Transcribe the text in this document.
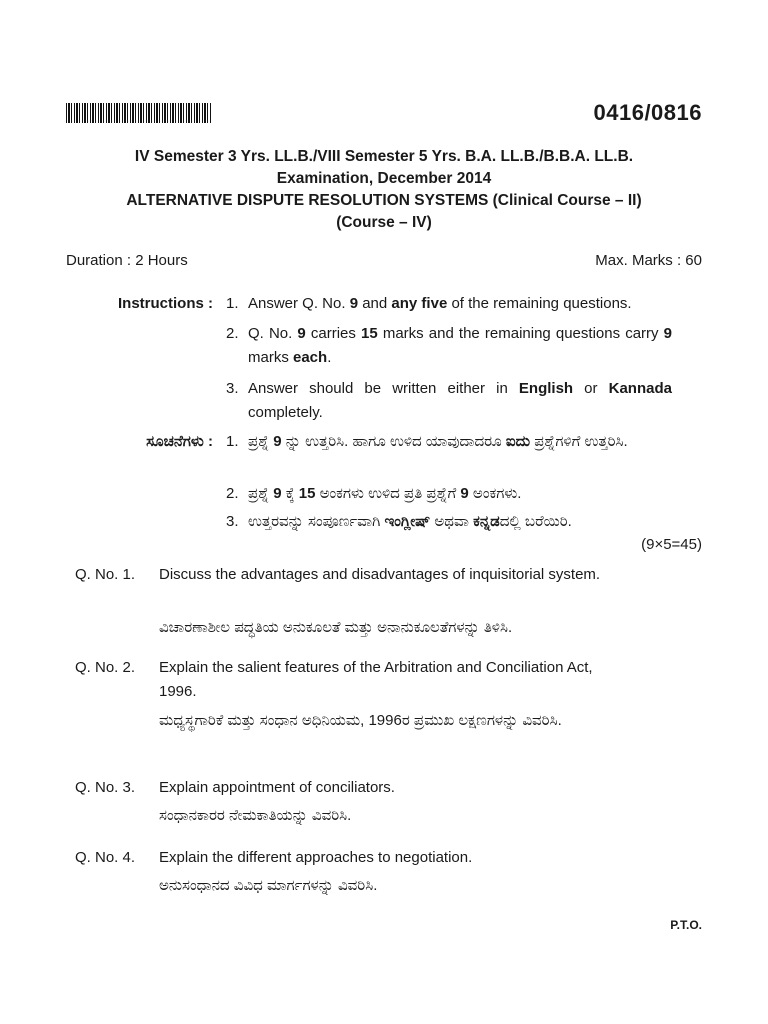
0416/0816
IV Semester 3 Yrs. LL.B./VIII Semester 5 Yrs. B.A. LL.B./B.B.A. LL.B.
Examination, December 2014
ALTERNATIVE DISPUTE RESOLUTION SYSTEMS (Clinical Course – II)
(Course – IV)
Duration : 2 Hours	Max. Marks : 60
Instructions : 1. Answer Q. No. 9 and any five of the remaining questions.
2. Q. No. 9 carries 15 marks and the remaining questions carry 9 marks each.
3. Answer should be written either in English or Kannada completely.
ಸೂಚನೆಗಳು : 1. ಪ್ರಶ್ನೆ 9 ನ್ನು ಉತ್ತರಿಸಿ. ಹಾಗೂ ಉಳಿದ ಯಾವುದಾದರೂ ಐದು ಪ್ರಶ್ನೆಗಳಿಗೆ ಉತ್ತರಿಸಿ.
2. ಪ್ರಶ್ನೆ 9 ಕ್ಕೆ 15 ಅಂಕಗಳು ಉಳಿದ ಪ್ರತಿ ಪ್ರಶ್ನೆಗೆ 9 ಅಂಕಗಳು.
3. ಉತ್ತರವನ್ನು ಸಂಪೂರ್ಣವಾಗಿ ಇಂಗ್ಲೀಷ್ ಅಥವಾ ಕನ್ನಡದಲ್ಲಿ ಬರೆಯಿರಿ.
(9×5=45)
Q. No. 1. Discuss the advantages and disadvantages of inquisitorial system.
ವಿಚಾರಣಾಶೀಲ ಪದ್ಧತಿಯ ಅನುಕೂಲತೆ ಮತ್ತು ಅನಾನುಕೂಲತೆಗಳನ್ನು ತಿಳಿಸಿ.
Q. No. 2. Explain the salient features of the Arbitration and Conciliation Act, 1996.
ಮಧ್ಯಸ್ಥಗಾರಿಕೆ ಮತ್ತು ಸಂಧಾನ ಅಧಿನಿಯಮ, 1996ರ ಪ್ರಮುಖ ಲಕ್ಷಣಗಳನ್ನು ವಿವರಿಸಿ.
Q. No. 3. Explain appointment of conciliators.
ಸಂಧಾನಕಾರರ ನೇಮಕಾತಿಯನ್ನು ವಿವರಿಸಿ.
Q. No. 4. Explain the different approaches to negotiation.
ಅನುಸಂಧಾನದ ವಿವಿಧ ಮಾರ್ಗಗಳನ್ನು ವಿವರಿಸಿ.
P.T.O.
